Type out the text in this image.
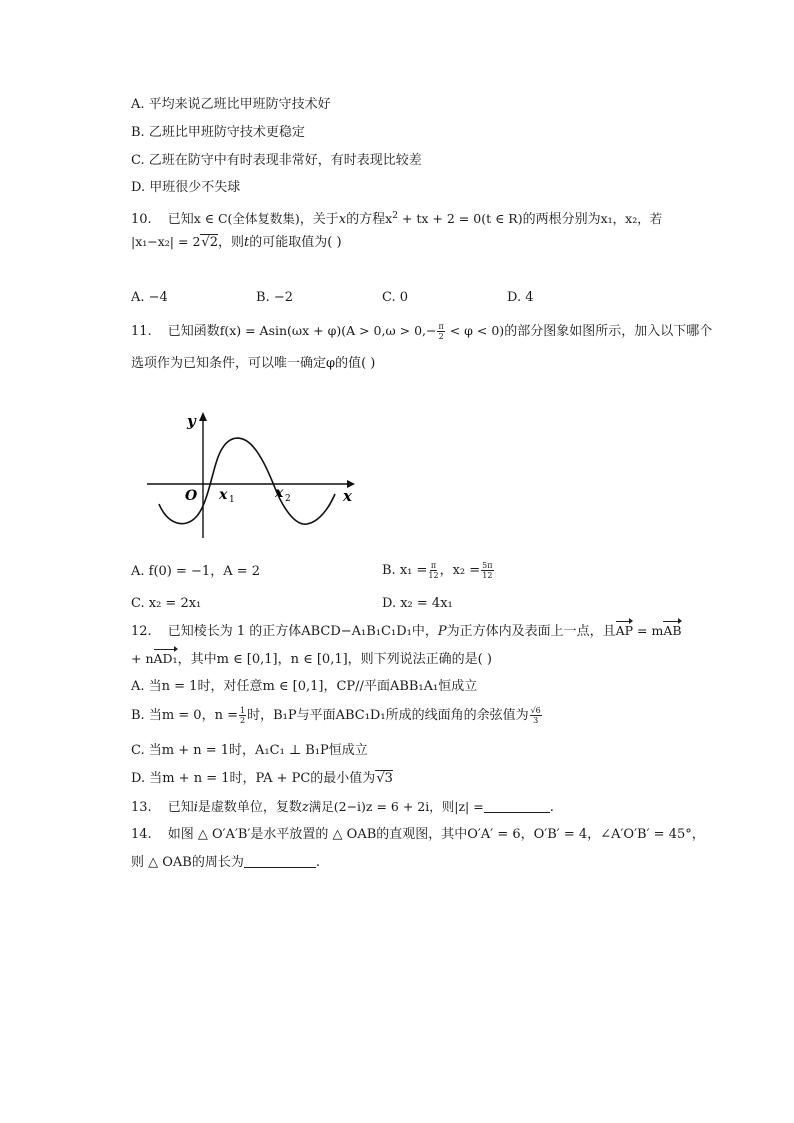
A. 平均来说乙班比甲班防守技术好
B. 乙班比甲班防守技术更稳定
C. 乙班在防守中有时表现非常好，有时表现比较差
D. 甲班很少不失球
10. 已知x ∈ C(全体复数集)，关于x的方程$x^2$ + tx + 2 = 0(t ∈ R)的两根分别为x₁，x₂，若
|x₁−x₂| = 2√2，则t的可能取值为( )
A. −4	B. −2	C. 0	D. 4
11. 已知函数$f(x) = Asin(\omega x + \varphi)(A > 0,\omega > 0,- \frac{\pi}{2} < \varphi < 0)$的部分图象如图所示，加入以下哪个
选项作为已知条件，可以唯一确定φ的值( )
y
x
O x 1	x 2
A. f(0) = −1，A = 2	B. $x_1 = \frac{\pi}{12}$ ，$x_2 = \frac{5\pi}{12}$
C. x₂ = 2x₁	D. x₂ = 4x₁
12. 已知棱长为 1 的正方体ABCD−A₁B₁C₁D₁中，P为正方体内及表面上一点，且AP = mAB
+ nAD₁，其中m ∈ [0,1]，n ∈ [0,1]，则下列说法正确的是( )
A. 当n = 1时，对任意m ∈ [0,1]，CP//平面ABB₁A₁恒成立
B. 当m = 0，$n = \frac{1}{2}$ 时，B₁P与平面ABC₁D₁所成的线面角的余弦值为 $\frac{√6}{3}$
C. 当m + n = 1时，A₁C₁ ⊥ B₁P恒成立
D. 当m + n = 1时，PA + PC的最小值为√3
13. 已知i是虚数单位，复数z满足(2−i)z = 6 + 2i，则|z| =	.
14. 如图 △ O′A′B′是水平放置的 △ OAB的直观图，其中O′A′ = 6，O′B′ = 4，∠A′O′B′ = 45°，
则 △ OAB的周长为	.
